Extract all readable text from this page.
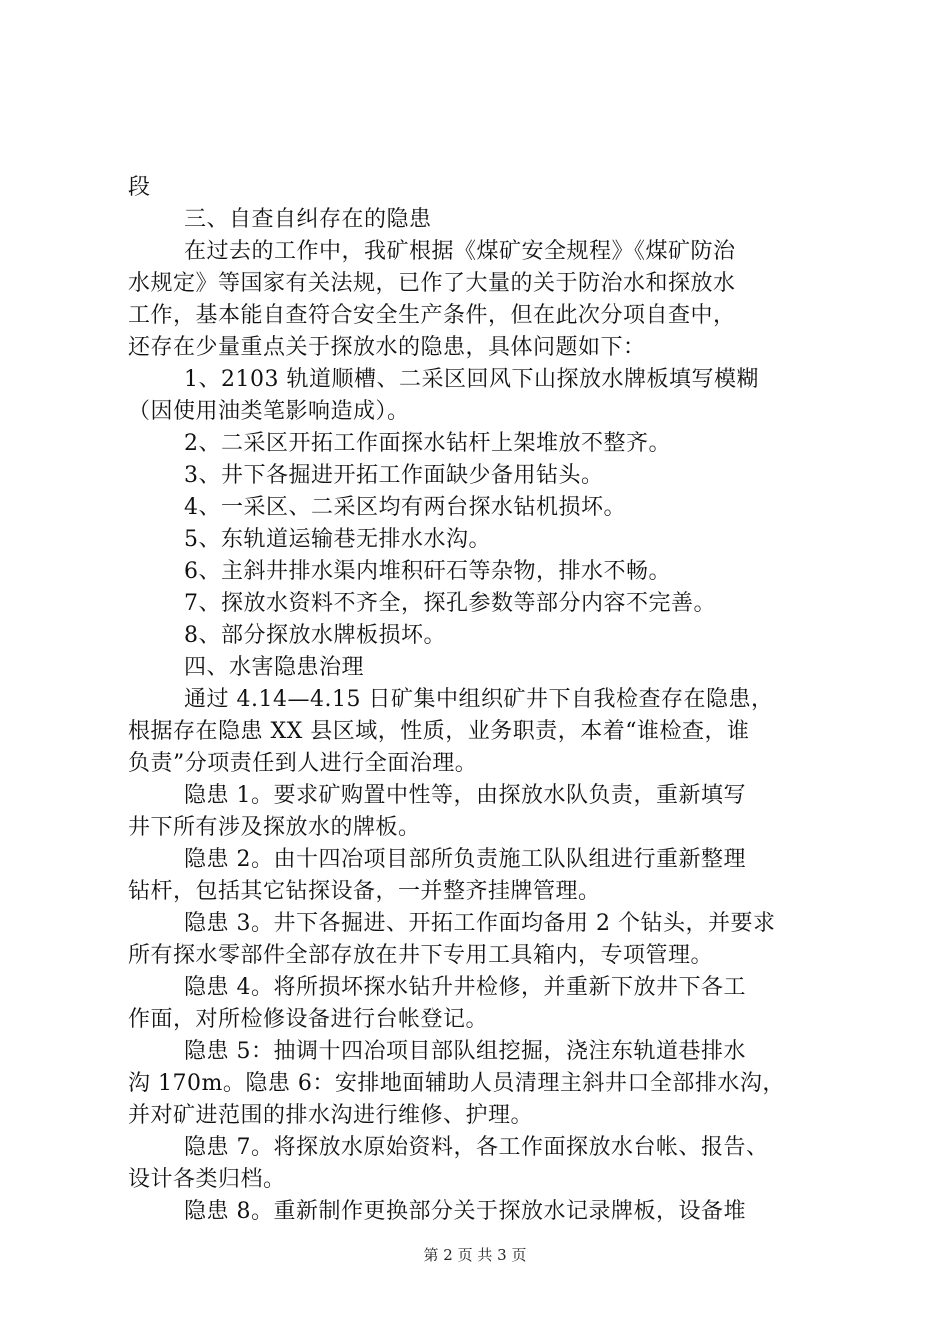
段
三、自查自纠存在的隐患
在过去的工作中，我矿根据《煤矿安全规程》《煤矿防治
水规定》等国家有关法规，已作了大量的关于防治水和探放水
工作，基本能自查符合安全生产条件，但在此次分项自查中，
还存在少量重点关于探放水的隐患，具体问题如下：
1、2103 轨道顺槽、二采区回风下山探放水牌板填写模糊
（因使用油类笔影响造成）。
2、二采区开拓工作面探水钻杆上架堆放不整齐。
3、井下各掘进开拓工作面缺少备用钻头。
4、一采区、二采区均有两台探水钻机损坏。
5、东轨道运输巷无排水水沟。
6、主斜井排水渠内堆积矸石等杂物，排水不畅。
7、探放水资料不齐全，探孔参数等部分内容不完善。
8、部分探放水牌板损坏。
四、水害隐患治理
通过 4.14—4.15 日矿集中组织矿井下自我检查存在隐患，
根据存在隐患 XX 县区域，性质，业务职责，本着“谁检查，谁
负责”分项责任到人进行全面治理。
隐患 1。要求矿购置中性等，由探放水队负责，重新填写
井下所有涉及探放水的牌板。
隐患 2。由十四冶项目部所负责施工队队组进行重新整理
钻杆，包括其它钻探设备，一并整齐挂牌管理。
隐患 3。井下各掘进、开拓工作面均备用 2 个钻头，并要求
所有探水零部件全部存放在井下专用工具箱内，专项管理。
隐患 4。将所损坏探水钻升井检修，并重新下放井下各工
作面，对所检修设备进行台帐登记。
隐患 5：抽调十四冶项目部队组挖掘，浇注东轨道巷排水
沟 170m。隐患 6：安排地面辅助人员清理主斜井口全部排水沟，
并对矿进范围的排水沟进行维修、护理。
隐患 7。将探放水原始资料，各工作面探放水台帐、报告、
设计各类归档。
隐患 8。重新制作更换部分关于探放水记录牌板，设备堆
第 2 页 共 3 页
